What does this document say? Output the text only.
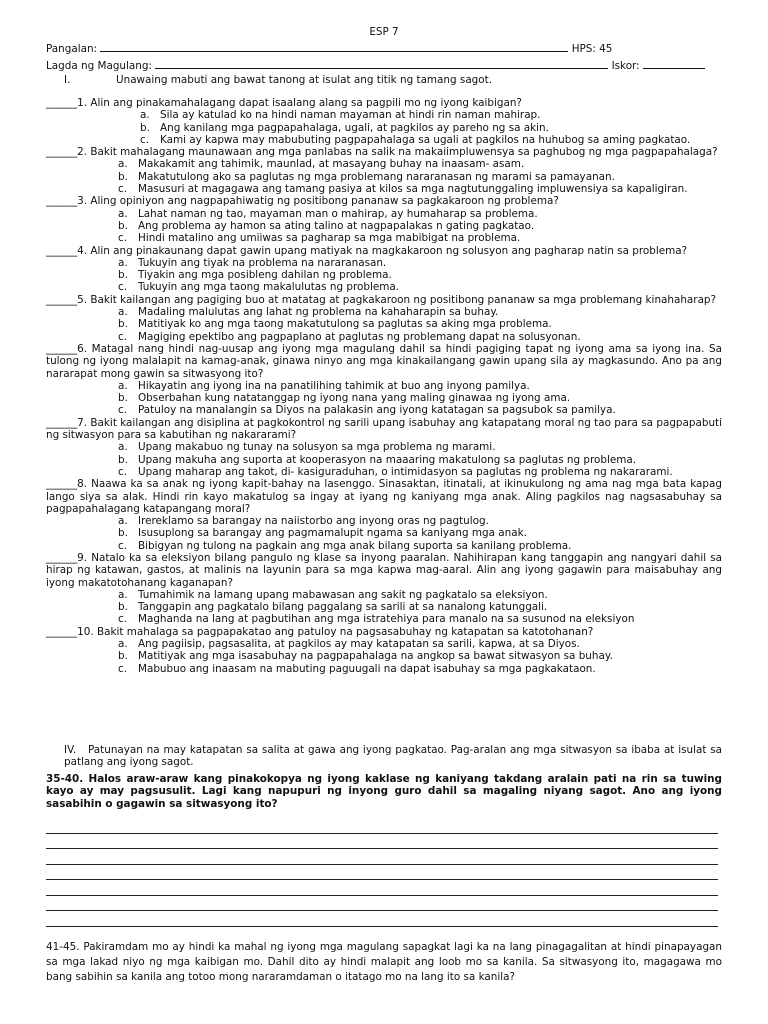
ESP 7
Pangalan:	HPS: 45
Lagda ng Magulang:	Iskor:
I.	Unawaing mabuti ang bawat tanong at isulat ang titik ng tamang sagot.
______1. Alin ang pinakamahalagang dapat isaalang alang sa pagpili mo ng iyong kaibigan?
a. Sila ay katulad ko na hindi naman mayaman at hindi rin naman mahirap.
b. Ang kanilang mga pagpapahalaga, ugali, at pagkilos ay pareho ng sa akin.
c. Kami ay kapwa may mabubuting pagpapahalaga sa ugali at pagkilos na huhubog sa aming pagkatao.
______2. Bakit mahalagang maunawaan ang mga panlabas na salik na makaiimpluwensya sa paghubog ng mga pagpapahalaga?
a. Makakamit ang tahimik, maunlad, at masayang buhay na inaasam- asam.
b. Makatutulong ako sa paglutas ng mga problemang nararanasan ng marami sa pamayanan.
c. Masusuri at magagawa ang tamang pasiya at kilos sa mga nagtutunggaling impluwensiya sa kapaligiran.
______3. Aling opiniyon ang nagpapahiwatig ng positibong pananaw sa pagkakaroon ng problema?
a. Lahat naman ng tao, mayaman man o mahirap, ay humaharap sa problema.
b. Ang problema ay hamon sa ating talino at nagpapalakas n gating pagkatao.
c. Hindi matalino ang umiiwas sa pagharap sa mga mabibigat na problema.
______4. Alin ang pinakaunang dapat gawin upang matiyak na magkakaroon ng solusyon ang pagharap natin sa problema?
a. Tukuyin ang tiyak na problema na nararanasan.
b. Tiyakin ang mga posibleng dahilan ng problema.
c. Tukuyin ang mga taong makalulutas ng problema.
______5. Bakit kailangan ang pagiging buo at matatag at pagkakaroon ng positibong pananaw sa mga problemang kinahaharap?
a. Madaling malulutas ang lahat ng problema na kahaharapin sa buhay.
b. Matitiyak ko ang mga taong makatutulong sa paglutas sa aking mga problema.
c. Magiging epektibo ang pagpaplano at paglutas ng problemang dapat na solusyonan.
______6. Matagal nang hindi nag-uusap ang iyong mga magulang dahil sa hindi pagiging tapat ng iyong ama sa iyong ina. Sa tulong ng iyong malalapit na kamag-anak, ginawa ninyo ang mga kinakailangang gawin upang sila ay magkasundo. Ano pa ang nararapat mong gawin sa sitwasyong ito?
a. Hikayatin ang iyong ina na panatilihing tahimik at buo ang inyong pamilya.
b. Obserbahan kung natatanggap ng iyong nana yang maling ginawaa ng iyong ama.
c. Patuloy na manalangin sa Diyos na palakasin ang iyong katatagan sa pagsubok sa pamilya.
______7. Bakit kailangan ang disiplina at pagkokontrol ng sarili upang isabuhay ang katapatang moral ng tao para sa pagpapabuti ng sitwasyon para sa kabutihan ng nakararami?
a. Upang makabuo ng tunay na solusyon sa mga problema ng marami.
b. Upang makuha ang suporta at kooperasyon na maaaring makatulong sa paglutas ng problema.
c. Upang maharap ang takot, di- kasiguraduhan, o intimidasyon sa paglutas ng problema ng nakararami.
______8. Naawa ka sa anak ng iyong kapit-bahay na lasenggo. Sinasaktan, itinatali, at ikinukulong ng ama nag mga bata kapag lango siya sa alak. Hindi rin kayo makatulog sa ingay at iyang ng kaniyang mga anak. Aling pagkilos nag nagsasabuhay sa pagpapahalagang katapangang moral?
a. Irereklamo sa barangay na naiistorbo ang inyong oras ng pagtulog.
b. Isusuplong sa barangay ang pagmamalupit ngama sa kaniyang mga anak.
c. Bibigyan ng tulong na pagkain ang mga anak bilang suporta sa kanilang problema.
______9. Natalo ka sa eleksiyon bilang pangulo ng klase sa inyong paaralan. Nahihirapan kang tanggapin ang nangyari dahil sa hirap ng katawan, gastos, at malinis na layunin para sa mga kapwa mag-aaral. Alin ang iyong gagawin para maisabuhay ang iyong makatotohanang kaganapan?
a. Tumahimik na lamang upang mabawasan ang sakit ng pagkatalo sa eleksiyon.
b. Tanggapin ang pagkatalo bilang paggalang sa sarili at sa nanalong katunggali.
c. Maghanda na lang at pagbutihan ang mga istratehiya para manalo na sa susunod na eleksiyon
______10. Bakit mahalaga sa pagpapakatao ang patuloy na pagsasabuhay ng katapatan sa katotohanan?
a. Ang pagiisip, pagsasalita, at pagkilos ay may katapatan sa sarili, kapwa, at sa Diyos.
b. Matitiyak ang mga isasabuhay na pagpapahalaga na angkop sa bawat sitwasyon sa buhay.
c. Mabubuo ang inaasam na mabuting paguugali na dapat isabuhay sa mga pagkakataon.
IV. Patunayan na may katapatan sa salita at gawa ang iyong pagkatao. Pag-aralan ang mga sitwasyon sa ibaba at isulat sa patlang ang iyong sagot.
35-40. Halos araw-araw kang pinakokopya ng iyong kaklase ng kaniyang takdang aralain pati na rin sa tuwing kayo ay may pagsusulit. Lagi kang napupuri ng inyong guro dahil sa magaling niyang sagot. Ano ang iyong sasabihin o gagawin sa sitwasyong ito?
41-45. Pakiramdam mo ay hindi ka mahal ng iyong mga magulang sapagkat lagi ka na lang pinagagalitan at hindi pinapayagan sa mga lakad niyo ng mga kaibigan mo. Dahil dito ay hindi malapit ang loob mo sa kanila. Sa sitwasyong ito, magagawa mo bang sabihin sa kanila ang totoo mong nararamdaman o itatago mo na lang ito sa kanila?
